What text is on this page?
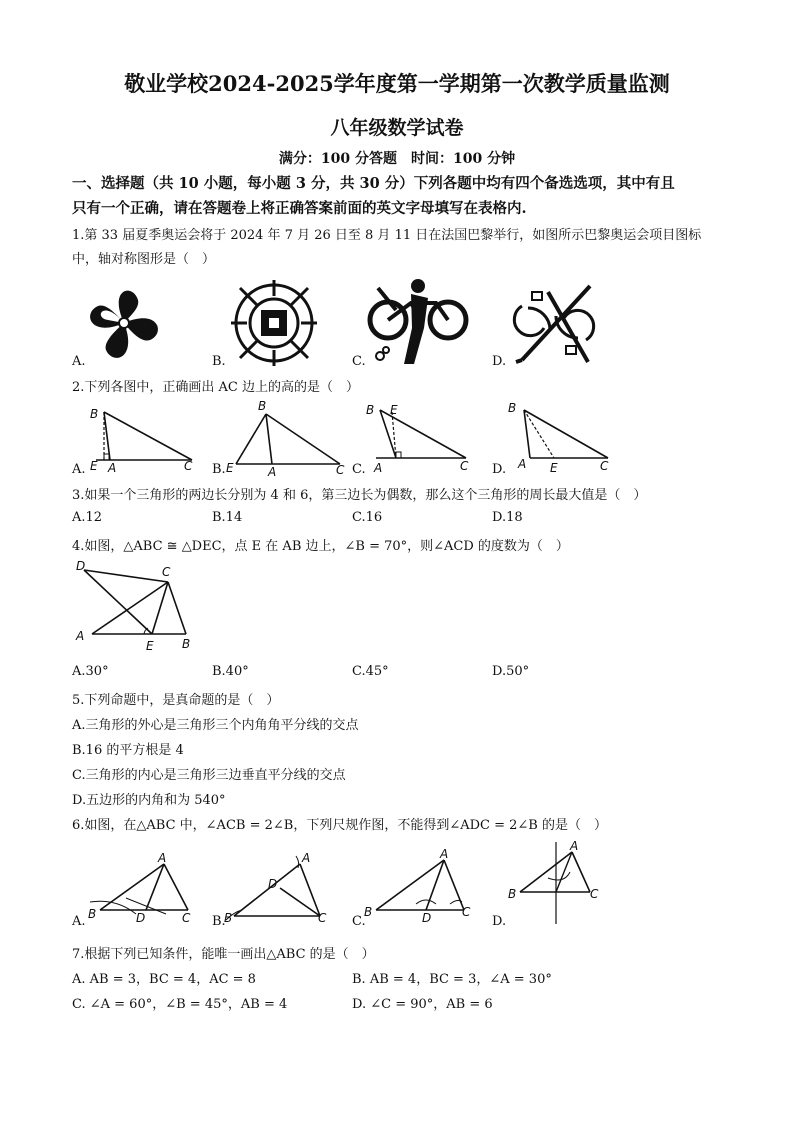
敬业学校2024-2025学年度第一学期第一次教学质量监测
八年级数学试卷
满分：100 分答题　时间：100 分钟
一、选择题（共 10 小题，每小题 3 分，共 30 分）下列各题中均有四个备选选项，其中有且
只有一个正确，请在答题卷上将正确答案前面的英文字母填写在表格内.
1.第 33 届夏季奥运会将于 2024 年 7 月 26 日至 8 月 11 日在法国巴黎举行，如图所示巴黎奥运会项目图标
中，轴对称图形是（　）
A.	B.	C.	D.
2.下列各图中，正确画出 AC 边上的高的是（　）
B
E A	C
A.
B
E	A	C
B.
B E
A	C
C.
B
A E	C
D.
3.如果一个三角形的两边长分别为 4 和 6，第三边长为偶数，那么这个三角形的周长最大值是（　）
A.12	B.14	C.16	D.18
4.如图，△ABC ≅ △DEC，点 E 在 AB 边上，∠B = 70°，则∠ACD 的度数为（　）
D	C
A
E B
A.30°	B.40°	C.45°	D.50°
5.下列命题中，是真命题的是（　）
A.三角形的外心是三角形三个内角角平分线的交点
B.16 的平方根是 4
C.三角形的内心是三角形三边垂直平分线的交点
D.五边形的内角和为 540°
6.如图，在△ABC 中，∠ACB = 2∠B，下列尺规作图，不能得到∠ADC = 2∠B 的是（　）
A
B	D	C
A.
A
D
B	C
B.
A
B	D	C
C.
A
B	C
D.
7.根据下列已知条件，能唯一画出△ABC 的是（　）
A. AB = 3，BC = 4，AC = 8	B. AB = 4，BC = 3，∠A = 30°
C. ∠A = 60°，∠B = 45°，AB = 4	D. ∠C = 90°，AB = 6
